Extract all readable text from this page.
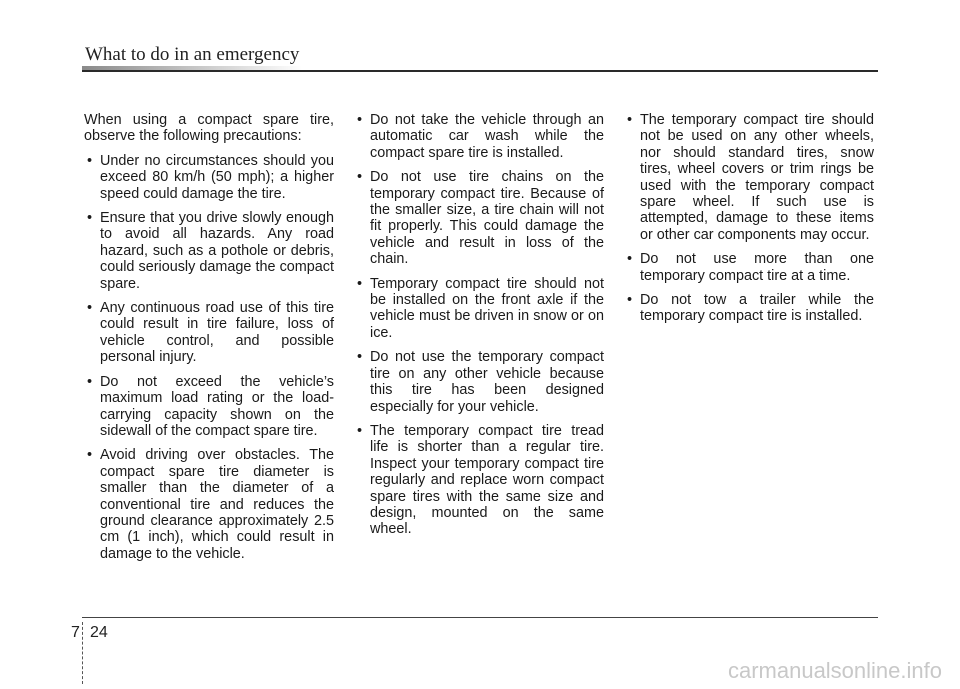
What to do in an emergency

When using a compact spare tire, observe the following precautions:

• Under no circumstances should you exceed 80 km/h (50 mph); a higher speed could damage the tire.
• Ensure that you drive slowly enough to avoid all hazards. Any road hazard, such as a pothole or debris, could seriously damage the compact spare.
• Any continuous road use of this tire could result in tire failure, loss of vehicle control, and possible personal injury.
• Do not exceed the vehicle’s maximum load rating or the load-carrying capacity shown on the sidewall of the compact spare tire.
• Avoid driving over obstacles. The compact spare tire diameter is smaller than the diameter of a conventional tire and reduces the ground clearance approximately 2.5 cm (1 inch), which could result in damage to the vehicle.
• Do not take the vehicle through an automatic car wash while the compact spare tire is installed.
• Do not use tire chains on the temporary compact tire. Because of the smaller size, a tire chain will not fit properly. This could damage the vehicle and result in loss of the chain.
• Temporary compact tire should not be installed on the front axle if the vehicle must be driven in snow or on ice.
• Do not use the temporary compact tire on any other vehicle because this tire has been designed especially for your vehicle.
• The temporary compact tire tread life is shorter than a regular tire. Inspect your temporary compact tire regularly and replace worn compact spare tires with the same size and design, mounted on the same wheel.
• The temporary compact tire should not be used on any other wheels, nor should standard tires, snow tires, wheel covers or trim rings be used with the temporary compact spare wheel. If such use is attempted, damage to these items or other car components may occur.
• Do not use more than one temporary compact tire at a time.
• Do not tow a trailer while the temporary compact tire is installed.
7 24
carmanualsonline.info
